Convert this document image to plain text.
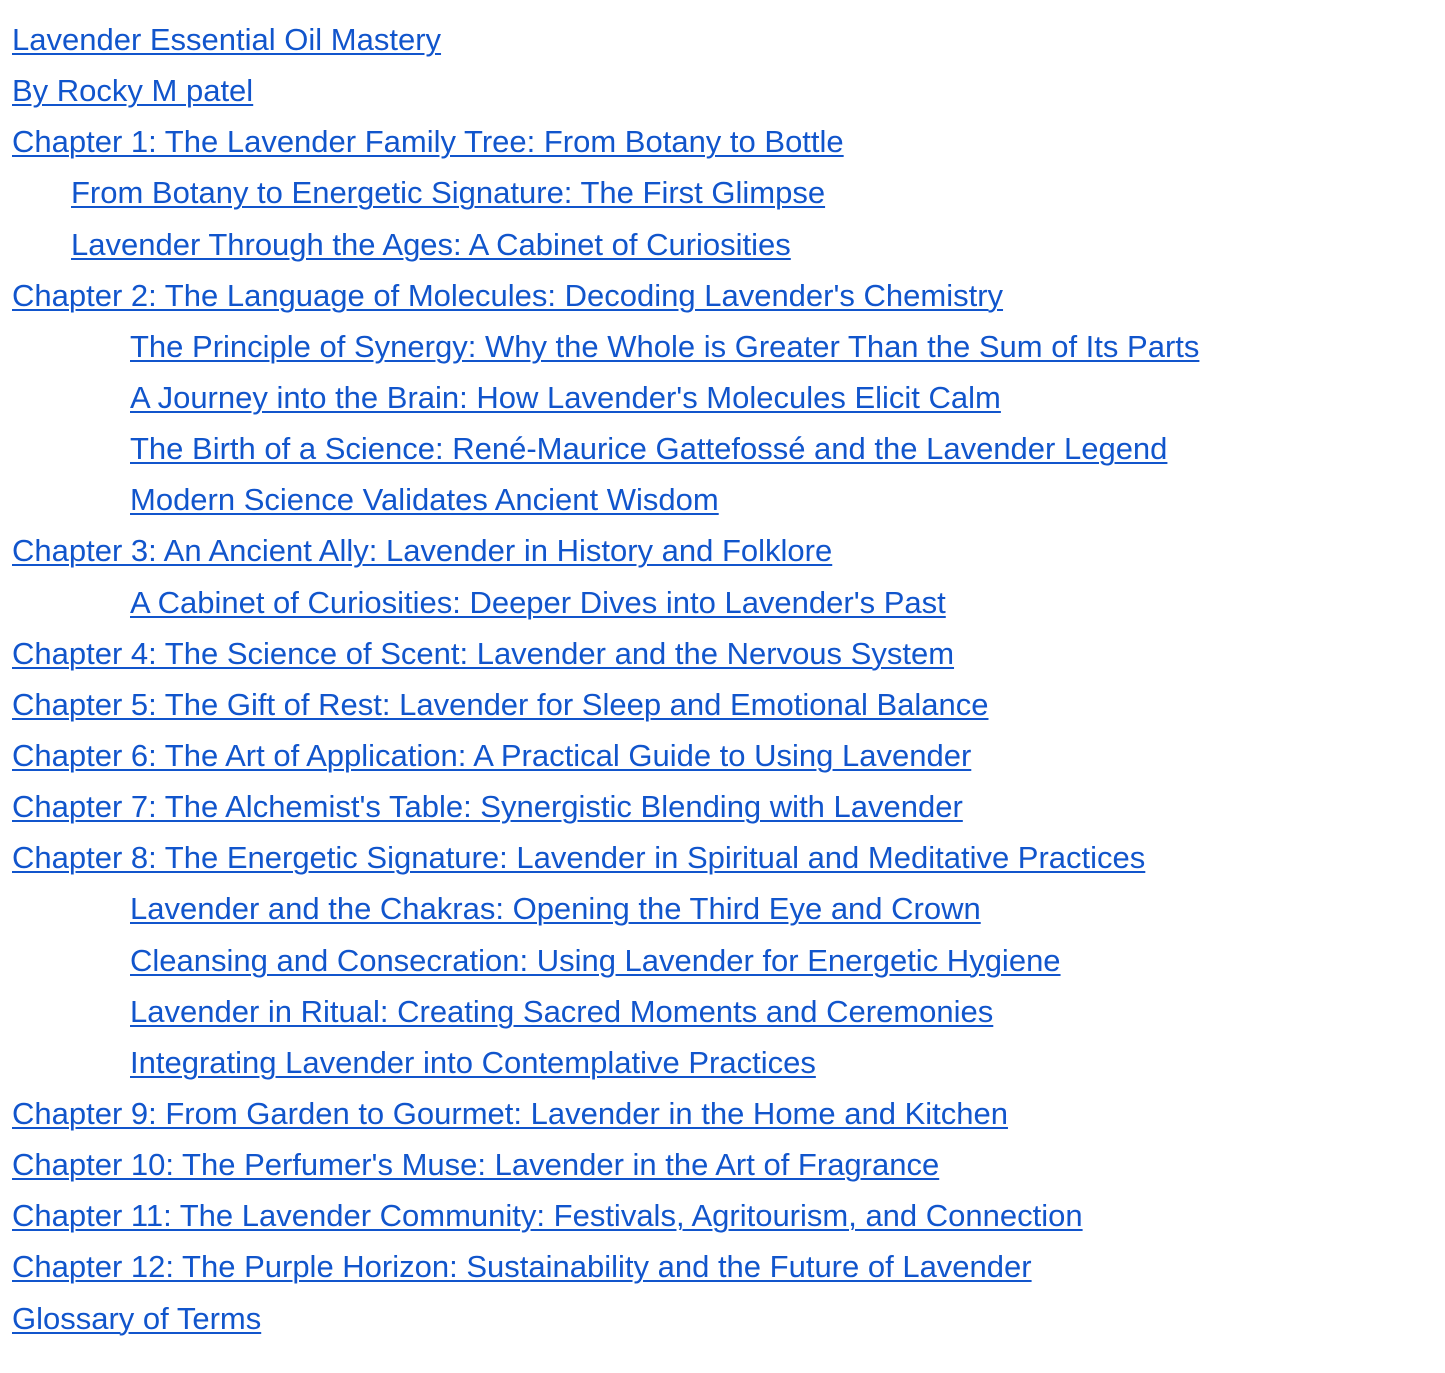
Lavender Essential Oil Mastery
By Rocky M patel
Chapter 1: The Lavender Family Tree: From Botany to Bottle
From Botany to Energetic Signature: The First Glimpse
Lavender Through the Ages: A Cabinet of Curiosities
Chapter 2: The Language of Molecules: Decoding Lavender's Chemistry
The Principle of Synergy: Why the Whole is Greater Than the Sum of Its Parts
A Journey into the Brain: How Lavender's Molecules Elicit Calm
The Birth of a Science: René-Maurice Gattefossé and the Lavender Legend
Modern Science Validates Ancient Wisdom
Chapter 3: An Ancient Ally: Lavender in History and Folklore
A Cabinet of Curiosities: Deeper Dives into Lavender's Past
Chapter 4: The Science of Scent: Lavender and the Nervous System
Chapter 5: The Gift of Rest: Lavender for Sleep and Emotional Balance
Chapter 6: The Art of Application: A Practical Guide to Using Lavender
Chapter 7: The Alchemist's Table: Synergistic Blending with Lavender
Chapter 8: The Energetic Signature: Lavender in Spiritual and Meditative Practices
Lavender and the Chakras: Opening the Third Eye and Crown
Cleansing and Consecration: Using Lavender for Energetic Hygiene
Lavender in Ritual: Creating Sacred Moments and Ceremonies
Integrating Lavender into Contemplative Practices
Chapter 9: From Garden to Gourmet: Lavender in the Home and Kitchen
Chapter 10: The Perfumer's Muse: Lavender in the Art of Fragrance
Chapter 11: The Lavender Community: Festivals, Agritourism, and Connection
Chapter 12: The Purple Horizon: Sustainability and the Future of Lavender
Glossary of Terms
